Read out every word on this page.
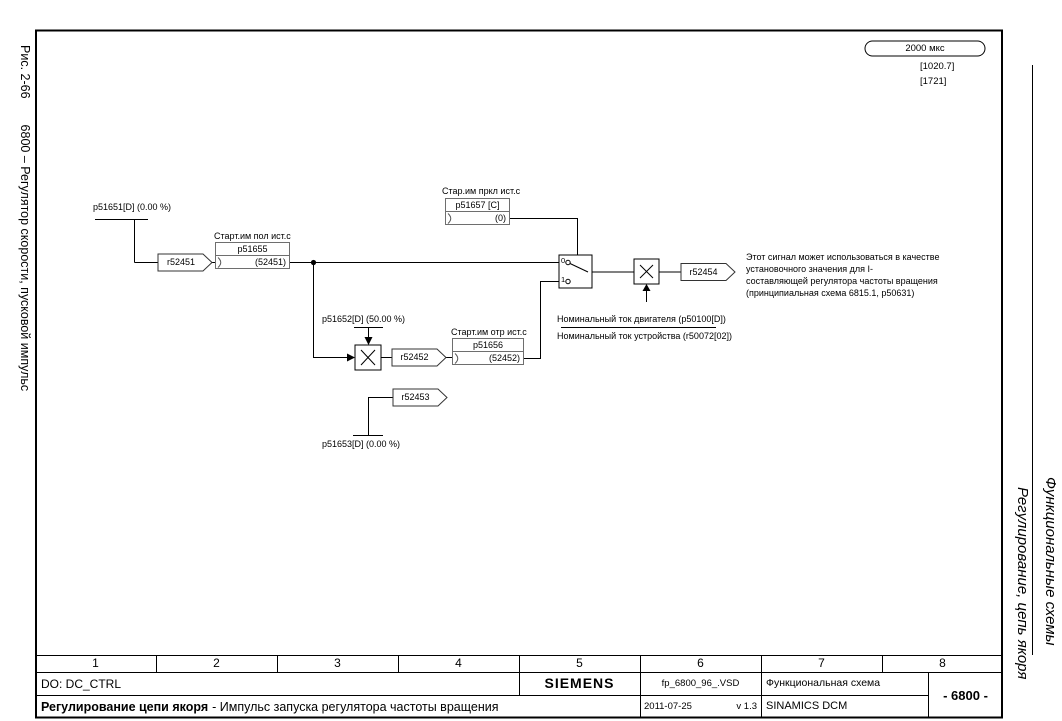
Рис. 2-666800 – Регулятор скорости, пусковой импульс
Функциональные схемы
Регулирование, цепь якоря
2000 мкс
[1020.7]
[1721]
p51651[D] (0.00 %)
r52451
Старт.им пол ист.с
p51655
(52451)
p51652[D] (50.00 %)
r52452
Старт.им отр ист.с
p51656
(52452)
Стар.им пркл ист.с
p51657 [C]
(0)
0
1
r52454
Номинальный ток двигателя (p50100[D])
Номинальный ток устройства (r50072[02])
Этот сигнал может использоваться в качестве
установочного значения для I-
составляющей регулятора частоты вращения
(принципиальная схема 6815.1, p50631)
r52453
p51653[D] (0.00 %)
1	2	3	4	5	6	7	8
DO: DC_CTRL	SIEMENS	fp_6800_96_.VSD	Функциональная схема
- 6800 -
Регулирование цепи якоря - Импульс запуска регулятора частоты вращения	2011-07-25	v 1.3 SINAMICS DCM
